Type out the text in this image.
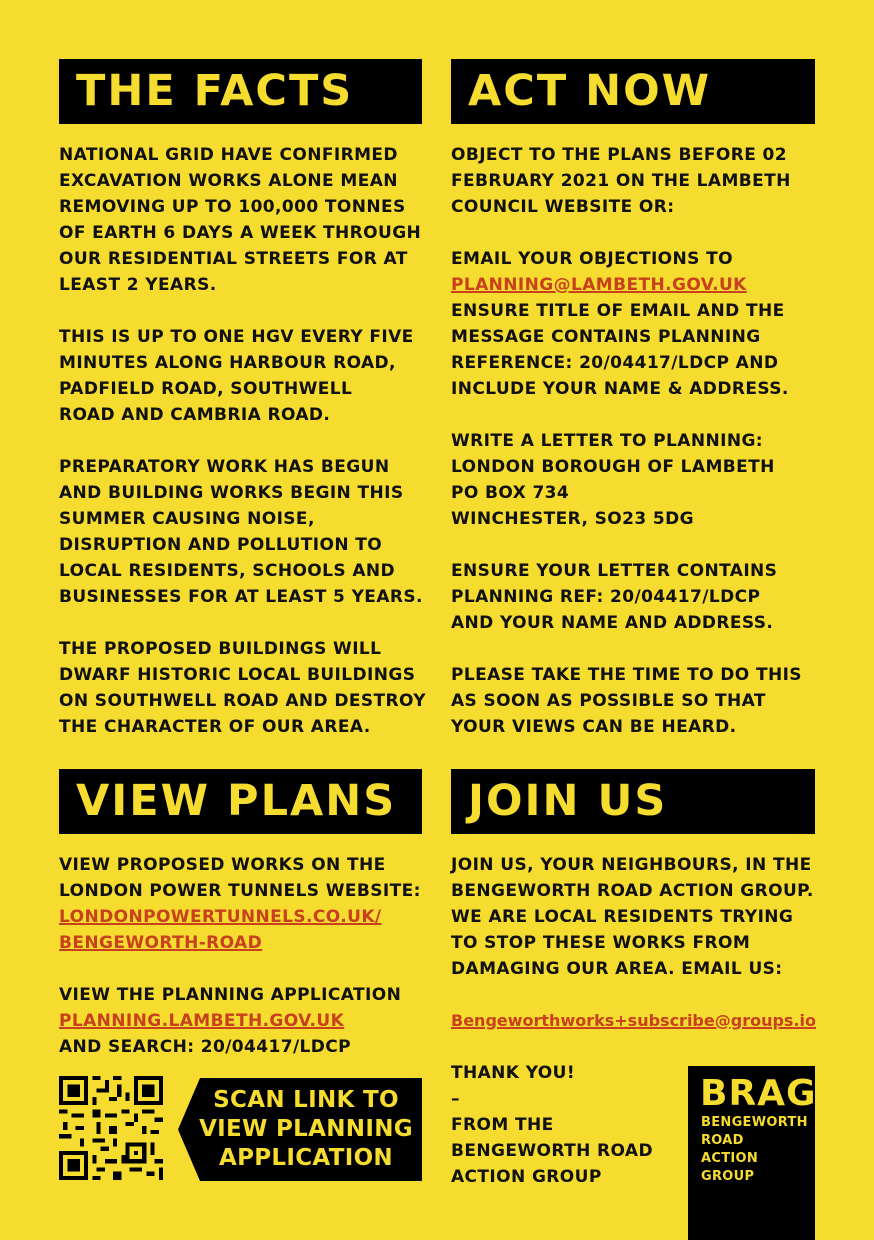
THE FACTS

NATIONAL GRID HAVE CONFIRMED
EXCAVATION WORKS ALONE MEAN
REMOVING UP TO 100,000 TONNES
OF EARTH 6 DAYS A WEEK THROUGH
OUR RESIDENTIAL STREETS FOR AT
LEAST 2 YEARS.

THIS IS UP TO ONE HGV EVERY FIVE
MINUTES ALONG HARBOUR ROAD,
PADFIELD ROAD, SOUTHWELL
ROAD AND CAMBRIA ROAD.

PREPARATORY WORK HAS BEGUN
AND BUILDING WORKS BEGIN THIS
SUMMER CAUSING NOISE,
DISRUPTION AND POLLUTION TO
LOCAL RESIDENTS, SCHOOLS AND
BUSINESSES FOR AT LEAST 5 YEARS.

THE PROPOSED BUILDINGS WILL
DWARF HISTORIC LOCAL BUILDINGS
ON SOUTHWELL ROAD AND DESTROY
THE CHARACTER OF OUR AREA.

ACT NOW

OBJECT TO THE PLANS BEFORE 02
FEBRUARY 2021 ON THE LAMBETH
COUNCIL WEBSITE OR:

EMAIL YOUR OBJECTIONS TO
PLANNING@LAMBETH.GOV.UK
ENSURE TITLE OF EMAIL AND THE
MESSAGE CONTAINS PLANNING
REFERENCE: 20/04417/LDCP AND
INCLUDE YOUR NAME & ADDRESS.

WRITE A LETTER TO PLANNING:
LONDON BOROUGH OF LAMBETH
PO BOX 734
WINCHESTER, SO23 5DG

ENSURE YOUR LETTER CONTAINS
PLANNING REF: 20/04417/LDCP
AND YOUR NAME AND ADDRESS.

PLEASE TAKE THE TIME TO DO THIS
AS SOON AS POSSIBLE SO THAT
YOUR VIEWS CAN BE HEARD.

VIEW PLANS

VIEW PROPOSED WORKS ON THE
LONDON POWER TUNNELS WEBSITE:
LONDONPOWERTUNNELS.CO.UK/
BENGEWORTH-ROAD

VIEW THE PLANNING APPLICATION
PLANNING.LAMBETH.GOV.UK
AND SEARCH: 20/04417/LDCP

SCAN LINK TO
VIEW PLANNING
APPLICATION
JOIN US

JOIN US, YOUR NEIGHBOURS, IN THE
BENGEWORTH ROAD ACTION GROUP.
WE ARE LOCAL RESIDENTS TRYING
TO STOP THESE WORKS FROM
DAMAGING OUR AREA. EMAIL US:

Bengeworthworks+subscribe@groups.io

THANK YOU!
–
FROM THE
BENGEWORTH ROAD
ACTION GROUP

BRAG
BENGEWORTH
ROAD
ACTION
GROUP
